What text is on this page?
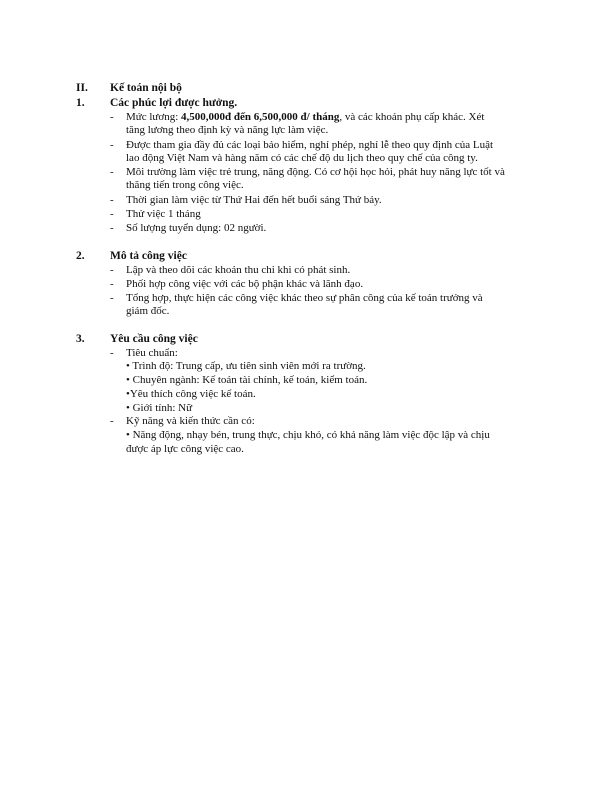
II. Kế toán nội bộ
1. Các phúc lợi được hưởng.
- Mức lương: 4,500,000đ đến 6,500,000 đ/ tháng, và các khoản phụ cấp khác. Xét
tăng lương theo định kỳ và năng lực làm việc.
- Được tham gia đầy đủ các loại bảo hiểm, nghỉ phép, nghỉ lễ theo quy định của Luật
lao động Việt Nam và hàng năm có các chế độ du lịch theo quy chế của công ty.
- Môi trường làm việc trẻ trung, năng động. Có cơ hội học hỏi, phát huy năng lực tốt và
thăng tiến trong công việc.
- Thời gian làm việc từ Thứ Hai đến hết buổi sáng Thứ bảy.
- Thử việc 1 tháng
- Số lượng tuyển dụng: 02 người.
2. Mô tả công việc
- Lập và theo dõi các khoản thu chi khi có phát sinh.
- Phối hợp công việc với các bộ phận khác và lãnh đạo.
- Tổng hợp, thực hiện các công việc khác theo sự phân công của kế toán trưởng và
giám đốc.
3. Yêu cầu công việc
- Tiêu chuẩn:
• Trình độ: Trung cấp, ưu tiên sinh viên mới ra trường.
• Chuyên ngành: Kế toán tài chính, kế toán, kiểm toán.
•Yêu thích công việc kế toán.
• Giới tính: Nữ
- Kỹ năng và kiến thức cần có:
• Năng động, nhạy bén, trung thực, chịu khó, có khả năng làm việc độc lập và chịu
được áp lực công việc cao.
